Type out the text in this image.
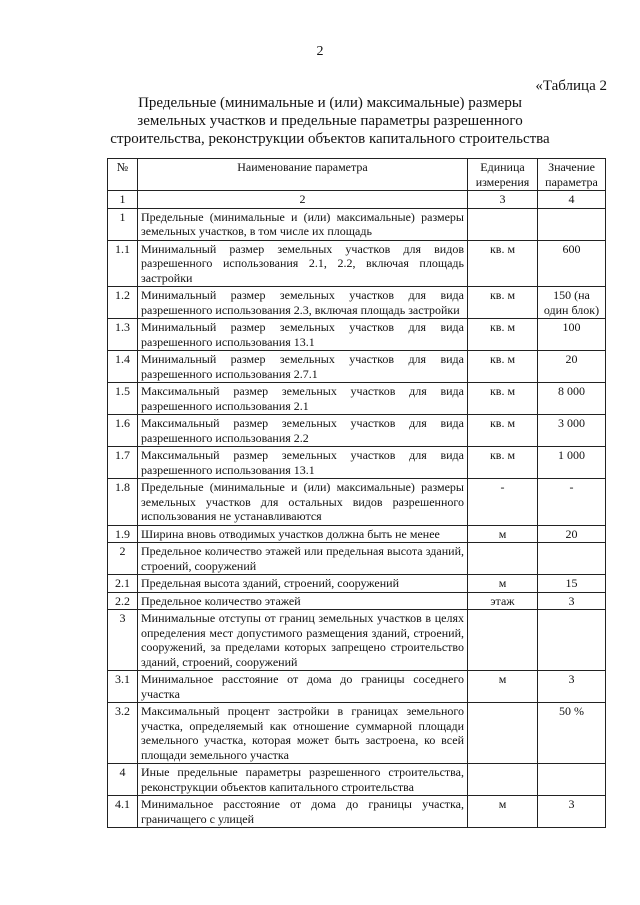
2
«Таблица 2
Предельные (минимальные и (или) максимальные) размеры земельных участков и предельные параметры разрешенного строительства, реконструкции объектов капитального строительства
№	Наименование параметра	Единица измерения	Значение параметра
1	2	3	4
1	Предельные (минимальные и (или) максимальные) размеры земельных участков, в том числе их площадь		
1.1	Минимальный размер земельных участков для видов разрешенного использования 2.1, 2.2, включая площадь застройки	кв. м	600
1.2	Минимальный размер земельных участков для вида разрешенного использования 2.3, включая площадь застройки	кв. м	150 (на один блок)
1.3	Минимальный размер земельных участков для вида разрешенного использования 13.1	кв. м	100
1.4	Минимальный размер земельных участков для вида разрешенного использования 2.7.1	кв. м	20
1.5	Максимальный размер земельных участков для вида разрешенного использования 2.1	кв. м	8 000
1.6	Максимальный размер земельных участков для вида разрешенного использования 2.2	кв. м	3 000
1.7	Максимальный размер земельных участков для вида разрешенного использования 13.1	кв. м	1 000
1.8	Предельные (минимальные и (или) максимальные) размеры земельных участков для остальных видов разрешенного использования не устанавливаются	-	-
1.9	Ширина вновь отводимых участков должна быть не менее	м	20
2	Предельное количество этажей или предельная высота зданий, строений, сооружений		
2.1	Предельная высота зданий, строений, сооружений	м	15
2.2	Предельное количество этажей	этаж	3
3	Минимальные отступы от границ земельных участков в целях определения мест допустимого размещения зданий, строений, сооружений, за пределами которых запрещено строительство зданий, строений, сооружений		
3.1	Минимальное расстояние от дома до границы соседнего участка	м	3
3.2	Максимальный процент застройки в границах земельного участка, определяемый как отношение суммарной площади земельного участка, которая может быть застроена, ко всей площади земельного участка		50 %
4	Иные предельные параметры разрешенного строительства, реконструкции объектов капитального строительства		
4.1	Минимальное расстояние от дома до границы участка, граничащего с улицей	м	3
